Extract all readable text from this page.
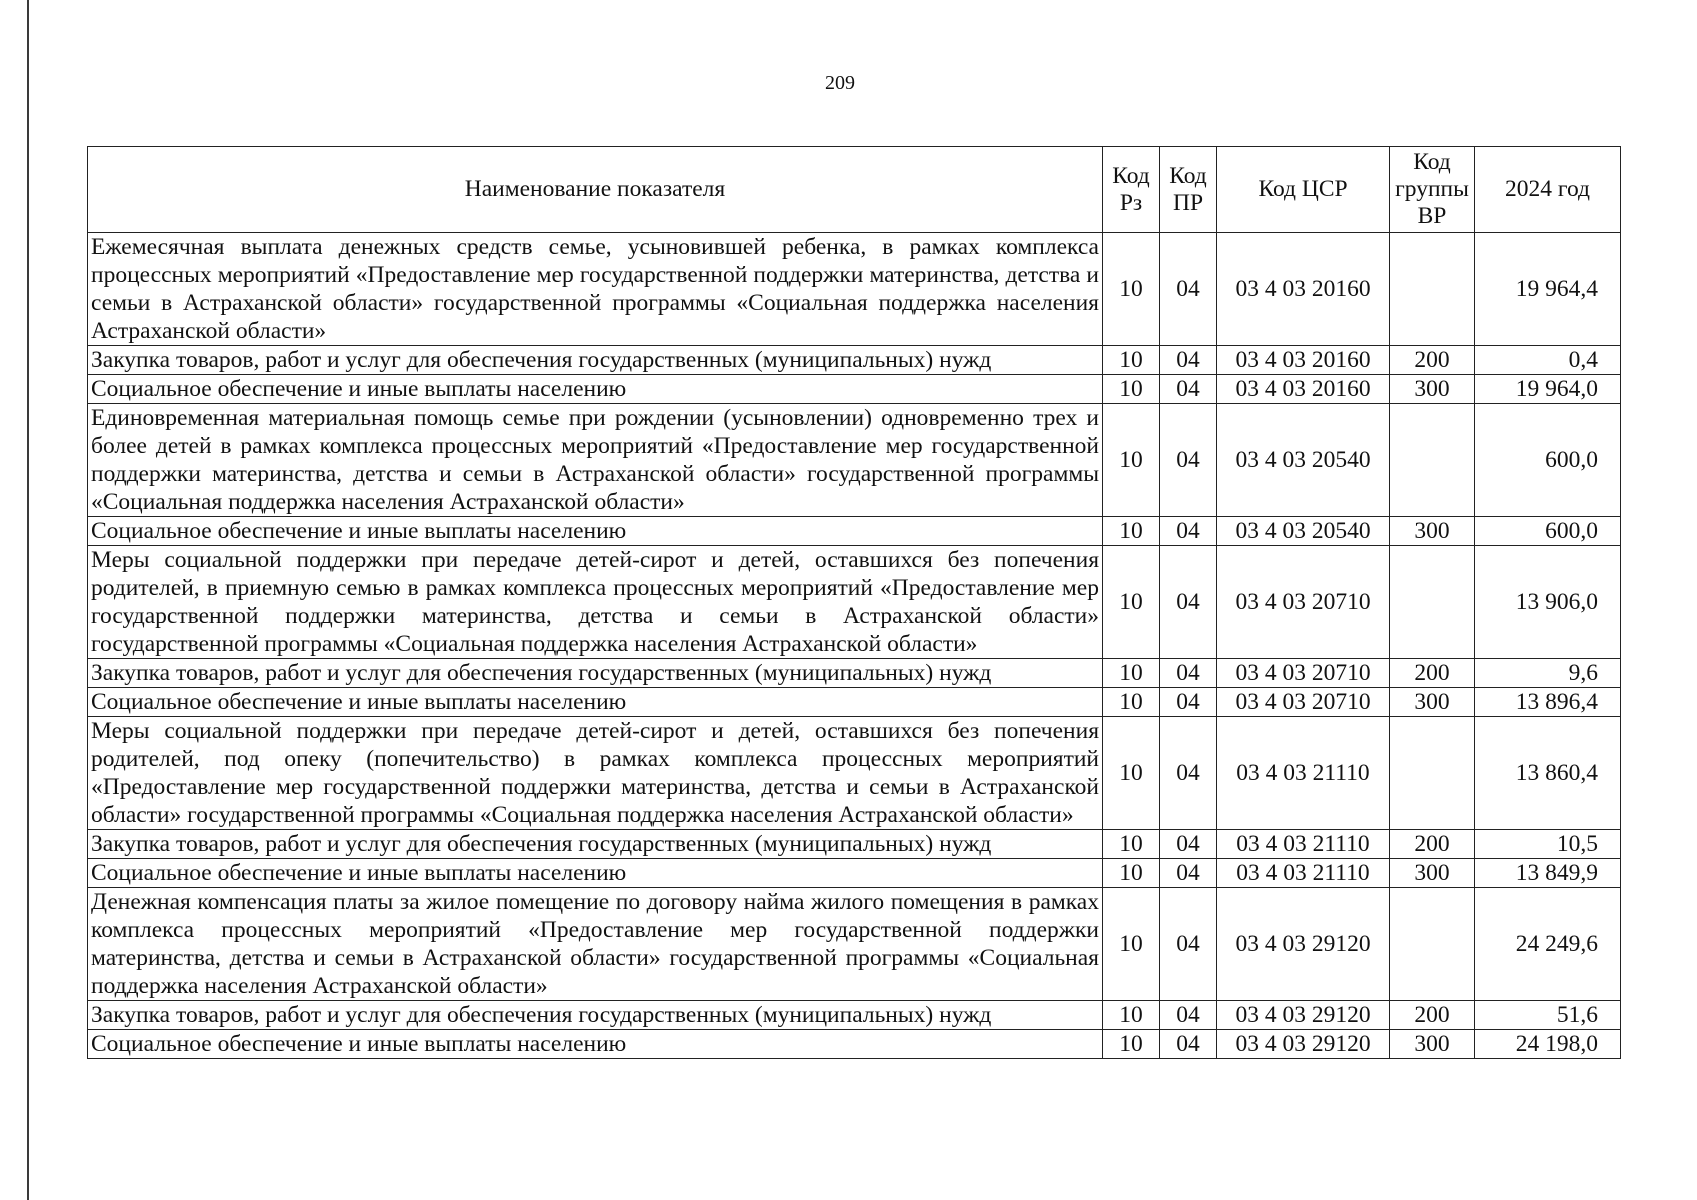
209
Наименование показателя	Код Рз	Код ПР	Код ЦСР	Код группы ВР	2024 год
Ежемесячная выплата денежных средств семье, усыновившей ребенка, в рамках комплекса процессных мероприятий «Предоставление мер государственной поддержки материнства, детства и семьи в Астраханской области» государственной программы «Социальная поддержка населения Астраханской области»	10	04	03 4 03 20160		19 964,4
Закупка товаров, работ и услуг для обеспечения государственных (муниципальных) нужд	10	04	03 4 03 20160	200	0,4
Социальное обеспечение и иные выплаты населению	10	04	03 4 03 20160	300	19 964,0
Единовременная материальная помощь семье при рождении (усыновлении) одновременно трех и более детей в рамках комплекса процессных мероприятий «Предоставление мер государственной поддержки материнства, детства и семьи в Астраханской области» государственной программы «Социальная поддержка населения Астраханской области»	10	04	03 4 03 20540		600,0
Социальное обеспечение и иные выплаты населению	10	04	03 4 03 20540	300	600,0
Меры социальной поддержки при передаче детей-сирот и детей, оставшихся без попечения родителей, в приемную семью в рамках комплекса процессных мероприятий «Предоставление мер государственной поддержки материнства, детства и семьи в Астраханской области» государственной программы «Социальная поддержка населения Астраханской области»	10	04	03 4 03 20710		13 906,0
Закупка товаров, работ и услуг для обеспечения государственных (муниципальных) нужд	10	04	03 4 03 20710	200	9,6
Социальное обеспечение и иные выплаты населению	10	04	03 4 03 20710	300	13 896,4
Меры социальной поддержки при передаче детей-сирот и детей, оставшихся без попечения родителей, под опеку (попечительство) в рамках комплекса процессных мероприятий «Предоставление мер государственной поддержки материнства, детства и семьи в Астраханской области» государственной программы «Социальная поддержка населения Астраханской области»	10	04	03 4 03 21110		13 860,4
Закупка товаров, работ и услуг для обеспечения государственных (муниципальных) нужд	10	04	03 4 03 21110	200	10,5
Социальное обеспечение и иные выплаты населению	10	04	03 4 03 21110	300	13 849,9
Денежная компенсация платы за жилое помещение по договору найма жилого помещения в рамках комплекса процессных мероприятий «Предоставление мер государственной поддержки материнства, детства и семьи в Астраханской области» государственной программы «Социальная поддержка населения Астраханской области»	10	04	03 4 03 29120		24 249,6
Закупка товаров, работ и услуг для обеспечения государственных (муниципальных) нужд	10	04	03 4 03 29120	200	51,6
Социальное обеспечение и иные выплаты населению	10	04	03 4 03 29120	300	24 198,0
